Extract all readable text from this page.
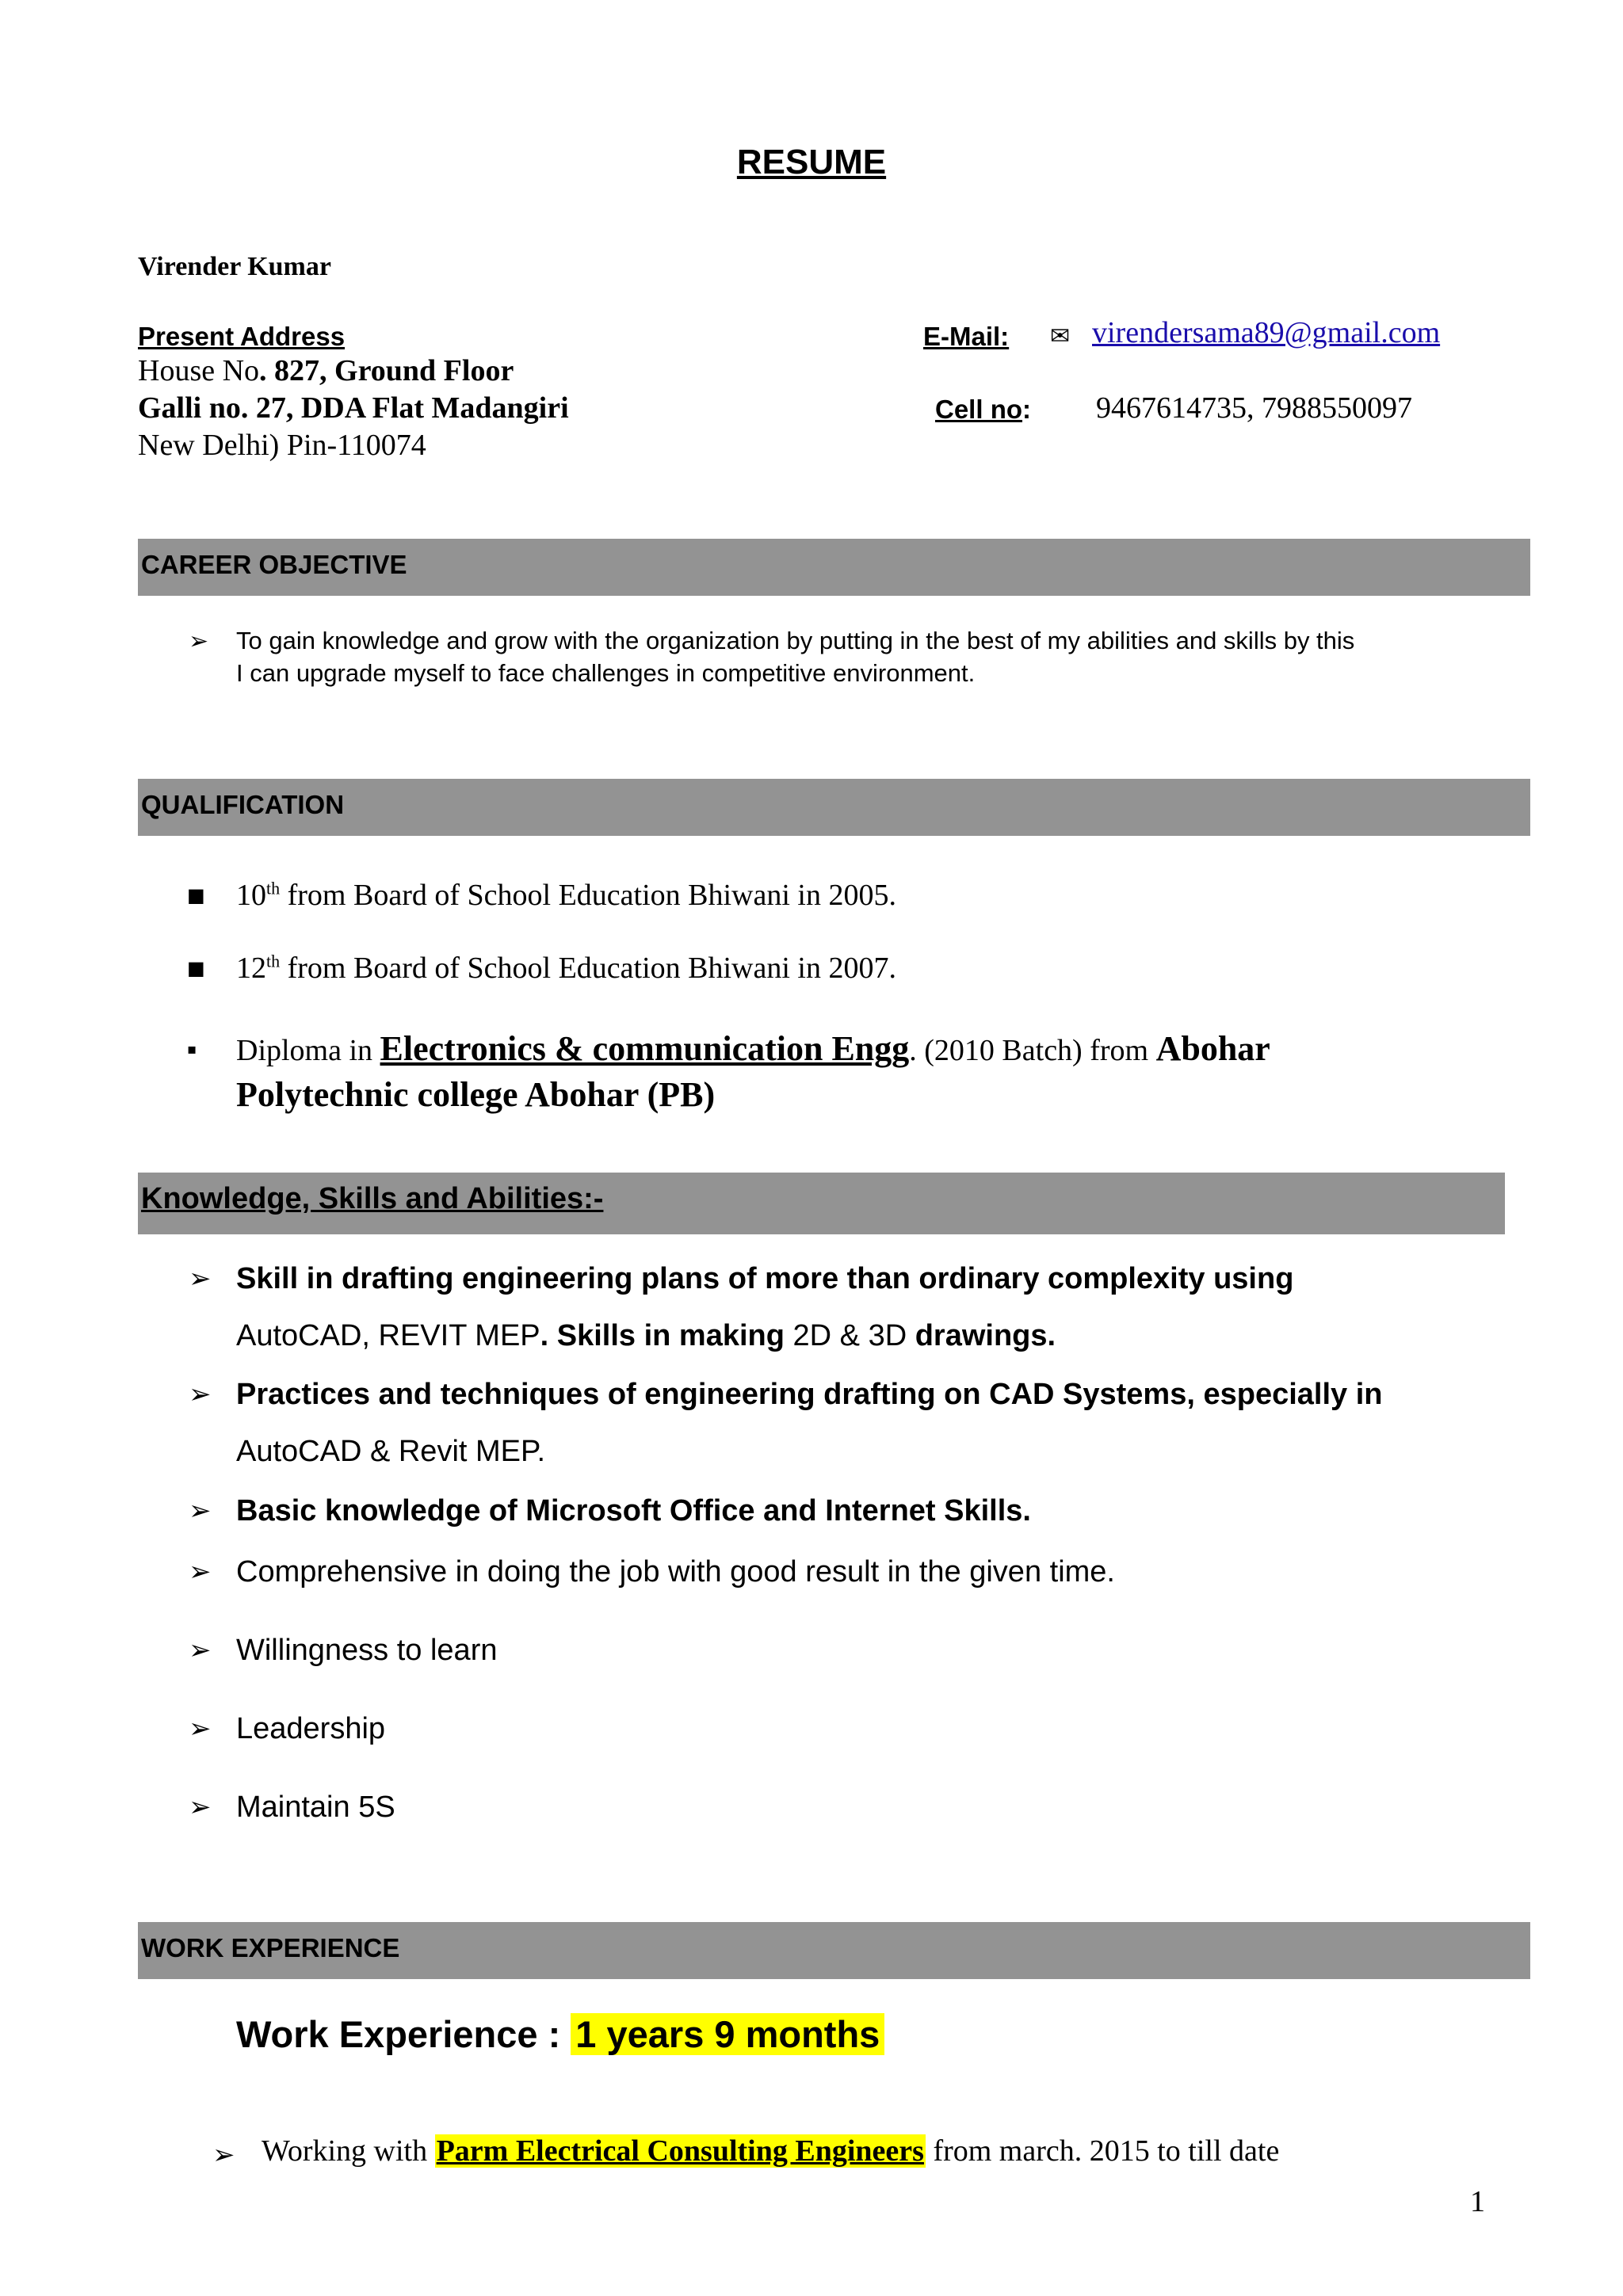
RESUME
Virender Kumar
Present Address
House No. 827, Ground Floor
Galli no. 27, DDA Flat Madangiri
New Delhi) Pin-110074
E-Mail: ✉ virendersama89@gmail.com
Cell no: 9467614735, 7988550097
CAREER OBJECTIVE
➢ To gain knowledge and grow with the organization by putting in the best of my abilities and skills by this
I can upgrade myself to face challenges in competitive environment.
QUALIFICATION
■ 10th from Board of School Education Bhiwani in 2005.
■ 12th from Board of School Education Bhiwani in 2007.
▪ Diploma in Electronics & communication Engg. (2010 Batch) from Abohar
Polytechnic college Abohar (PB)
Knowledge, Skills and Abilities:-
➢ Skill in drafting engineering plans of more than ordinary complexity using
AutoCAD, REVIT MEP. Skills in making 2D & 3D drawings.
➢ Practices and techniques of engineering drafting on CAD Systems, especially in
AutoCAD & Revit MEP.
➢ Basic knowledge of Microsoft Office and Internet Skills.
➢ Comprehensive in doing the job with good result in the given time.
➢ Willingness to learn
➢ Leadership
➢ Maintain 5S
WORK EXPERIENCE
Work Experience : 1 years 9 months
➢ Working with Parm Electrical Consulting Engineers from march. 2015 to till date
1
